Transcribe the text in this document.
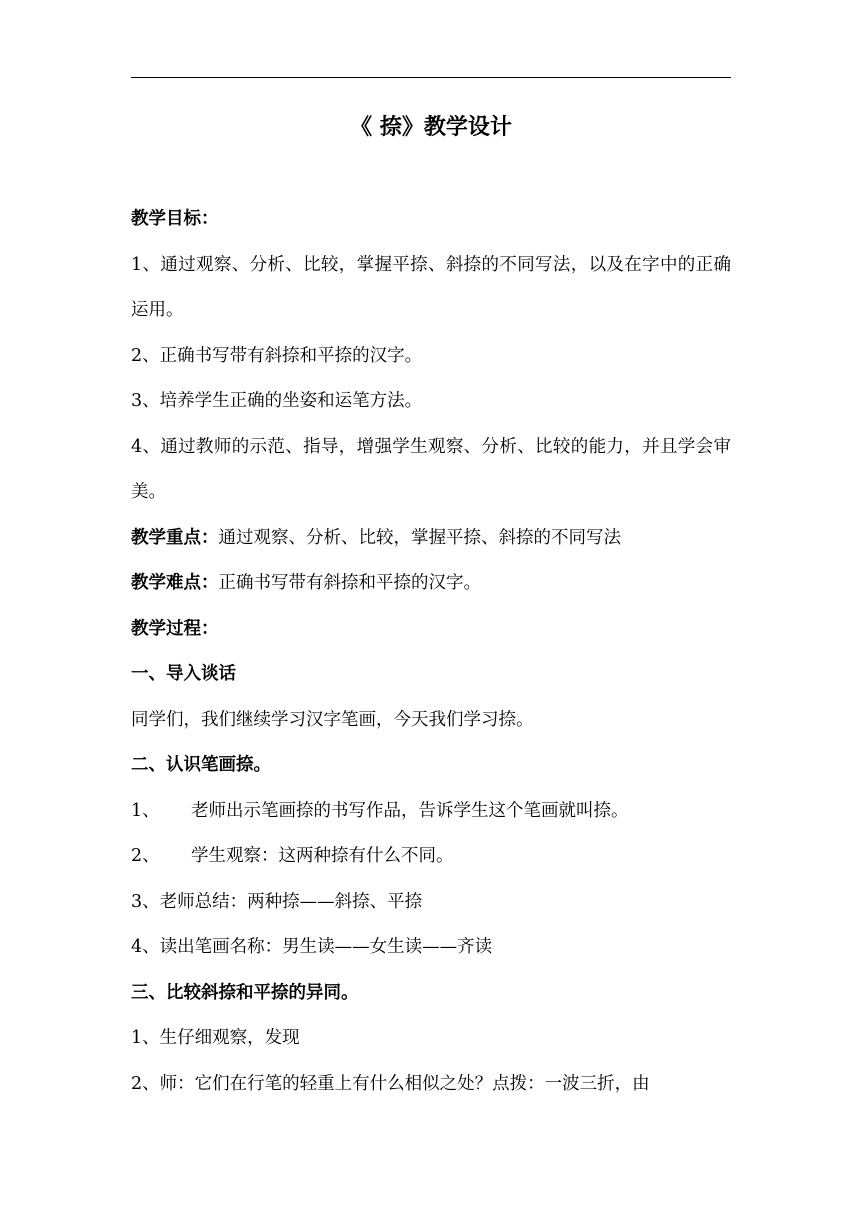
《 捺》教学设计

教学目标：

1、通过观察、分析、比较，掌握平捺、斜捺的不同写法，以及在字中的正确运用。

2、正确书写带有斜捺和平捺的汉字。

3、培养学生正确的坐姿和运笔方法。

4、通过教师的示范、指导，增强学生观察、分析、比较的能力，并且学会审美。

教学重点：通过观察、分析、比较，掌握平捺、斜捺的不同写法

教学难点：正确书写带有斜捺和平捺的汉字。

教学过程：

一、导入谈话

同学们，我们继续学习汉字笔画，今天我们学习捺。

二、认识笔画捺。

1、 老师出示笔画捺的书写作品，告诉学生这个笔画就叫捺。

2、 学生观察：这两种捺有什么不同。

3、老师总结：两种捺——斜捺、平捺

4、读出笔画名称：男生读——女生读——齐读

三、比较斜捺和平捺的异同。

1、生仔细观察，发现

2、师：它们在行笔的轻重上有什么相似之处？点拨：一波三折，由
